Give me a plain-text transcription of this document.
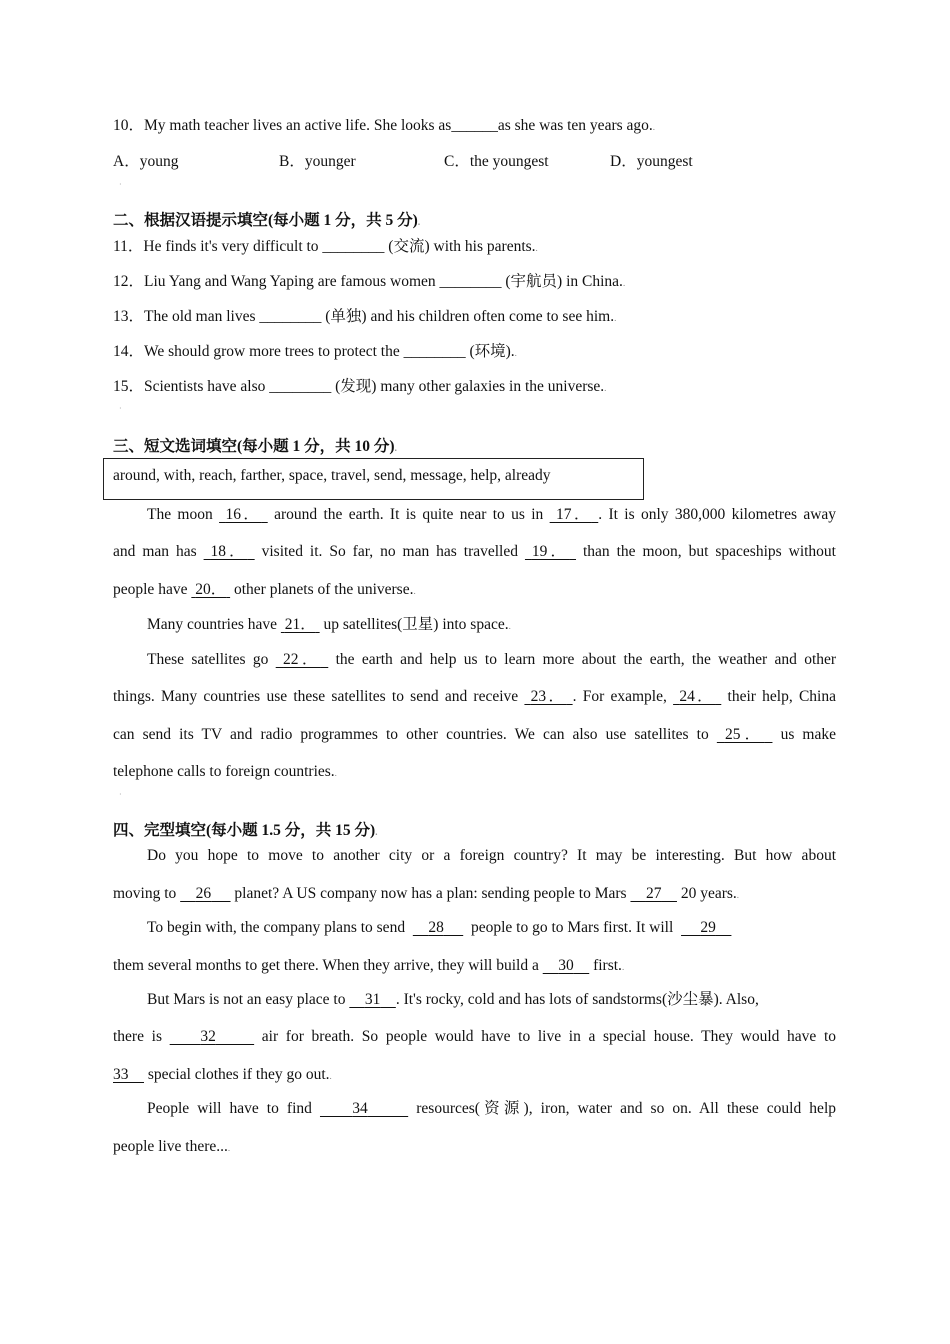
10．My math teacher lives an active life. She looks as______as she was ten years ago..
A．young	B．younger	C．the youngest	D．youngest
·
二、根据汉语提示填空(每小题 1 分，共 5 分).
11．He finds it's very difficult to ________ (交流) with his parents..
12．Liu Yang and Wang Yaping are famous women ________ (宇航员) in China..
13．The old man lives ________ (单独) and his children often come to see him..
14．We should grow more trees to protect the ________ (环境)..
15．Scientists have also ________ (发现) many other galaxies in the universe..
·
三、短文选词填空(每小题 1 分，共 10 分).
around, with, reach, farther, space, travel, send, message, help, already
The moon 16． around the earth. It is quite near to us in 17． . It is only 380,000 kilometres away
and man has 18． visited it. So far, no man has travelled 19． than the moon, but spaceships without
people have 20． other planets of the universe..
Many countries have 21． up satellites(卫星) into space..
These satellites go 22． the earth and help us to learn more about the earth, the weather and other
things. Many countries use these satellites to send and receive 23． . For example, 24． their help, China
can send its TV and radio programmes to other countries. We can also use satellites to 25． us make
telephone calls to foreign countries..
·
四、完型填空(每小题 1.5 分，共 15 分).
Do you hope to move to another city or a foreign country? It may be interesting. But how about
moving to 26 planet? A US company now has a plan: sending people to Mars 27 20 years..
To begin with, the company plans to send 28 people to go to Mars first. It will 29
them several months to get there. When they arrive, they will build a 30 first..
But Mars is not an easy place to 31 . It's rocky, cold and has lots of sandstorms(沙尘暴). Also,
there is 32	air for breath. So people would have to live in a special house. They would have to
33 special clothes if they go out..
People will have to find	34	resources(资源), iron, water and so on. All these could help
people live there....
